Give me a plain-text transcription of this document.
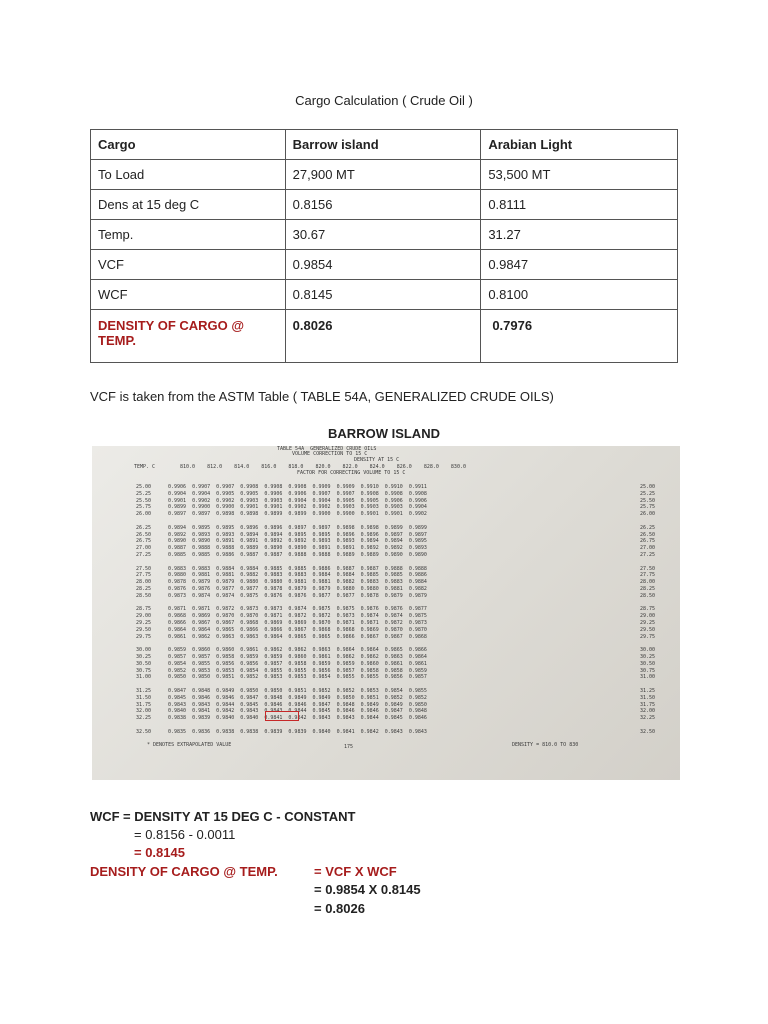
Cargo Calculation ( Crude Oil )
Cargo	Barrow island	Arabian Light
To Load	27,900 MT	53,500 MT
Dens at 15 deg C	0.8156	0.8111
Temp.	30.67	31.27
VCF	0.9854	0.9847
WCF	0.8145	0.8100
DENSITY OF CARGO @ TEMP.	0.8026	0.7976
VCF is taken from the ASTM Table ( TABLE 54A, GENERALIZED CRUDE OILS)
BARROW ISLAND
TABLE 54A  GENERALIZED CRUDE OILS
VOLUME CORRECTION TO 15 C
DENSITY AT 15 C
FACTOR FOR CORRECTING VOLUME TO 15 C
TEMP. C	810.0    812.0    814.0    816.0    818.0    820.0    822.0    824.0    826.0    828.0    830.0
25.00	0.9906  0.9907  0.9907  0.9908  0.9908  0.9908  0.9909  0.9909  0.9910  0.9910  0.9911	25.00
25.25	0.9904  0.9904  0.9905  0.9905  0.9906  0.9906  0.9907  0.9907  0.9908  0.9908  0.9908	25.25
25.50	0.9901  0.9902  0.9902  0.9903  0.9903  0.9904  0.9904  0.9905  0.9905  0.9906  0.9906	25.50
25.75	0.9899  0.9900  0.9900  0.9901  0.9901  0.9902  0.9902  0.9903  0.9903  0.9903  0.9904	25.75
26.00	0.9897  0.9897  0.9898  0.9898  0.9899  0.9899  0.9900  0.9900  0.9901  0.9901  0.9902	26.00
26.25	0.9894  0.9895  0.9895  0.9896  0.9896  0.9897  0.9897  0.9898  0.9898  0.9899  0.9899	26.25
26.50	0.9892  0.9893  0.9893  0.9894  0.9894  0.9895  0.9895  0.9896  0.9896  0.9897  0.9897	26.50
26.75	0.9890  0.9890  0.9891  0.9891  0.9892  0.9892  0.9893  0.9893  0.9894  0.9894  0.9895	26.75
27.00	0.9887  0.9888  0.9888  0.9889  0.9890  0.9890  0.9891  0.9891  0.9892  0.9892  0.9893	27.00
27.25	0.9885  0.9885  0.9886  0.9887  0.9887  0.9888  0.9888  0.9889  0.9889  0.9890  0.9890	27.25
27.50	0.9883  0.9883  0.9884  0.9884  0.9885  0.9885  0.9886  0.9887  0.9887  0.9888  0.9888	27.50
27.75	0.9880  0.9881  0.9881  0.9882  0.9883  0.9883  0.9884  0.9884  0.9885  0.9885  0.9886	27.75
28.00	0.9878  0.9879  0.9879  0.9880  0.9880  0.9881  0.9881  0.9882  0.9883  0.9883  0.9884	28.00
28.25	0.9876  0.9876  0.9877  0.9877  0.9878  0.9879  0.9879  0.9880  0.9880  0.9881  0.9882	28.25
28.50	0.9873  0.9874  0.9874  0.9875  0.9876  0.9876  0.9877  0.9877  0.9878  0.9879  0.9879	28.50
28.75	0.9871  0.9871  0.9872  0.9873  0.9873  0.9874  0.9875  0.9875  0.9876  0.9876  0.9877	28.75
29.00	0.9868  0.9869  0.9870  0.9870  0.9871  0.9872  0.9872  0.9873  0.9874  0.9874  0.9875	29.00
29.25	0.9866  0.9867  0.9867  0.9868  0.9869  0.9869  0.9870  0.9871  0.9871  0.9872  0.9873	29.25
29.50	0.9864  0.9864  0.9865  0.9866  0.9866  0.9867  0.9868  0.9868  0.9869  0.9870  0.9870	29.50
29.75	0.9861  0.9862  0.9863  0.9863  0.9864  0.9865  0.9865  0.9866  0.9867  0.9867  0.9868	29.75
30.00	0.9859  0.9860  0.9860  0.9861  0.9862  0.9862  0.9863  0.9864  0.9864  0.9865  0.9866	30.00
30.25	0.9857  0.9857  0.9858  0.9859  0.9859  0.9860  0.9861  0.9862  0.9862  0.9863  0.9864	30.25
30.50	0.9854  0.9855  0.9856  0.9856  0.9857  0.9858  0.9859  0.9859  0.9860  0.9861  0.9861	30.50
30.75	0.9852  0.9853  0.9853  0.9854  0.9855  0.9855  0.9856  0.9857  0.9858  0.9858  0.9859	30.75
31.00	0.9850  0.9850  0.9851  0.9852  0.9853  0.9853  0.9854  0.9855  0.9855  0.9856  0.9857	31.00
31.25	0.9847  0.9848  0.9849  0.9850  0.9850  0.9851  0.9852  0.9852  0.9853  0.9854  0.9855	31.25
31.50	0.9845  0.9846  0.9846  0.9847  0.9848  0.9849  0.9849  0.9850  0.9851  0.9852  0.9852	31.50
31.75	0.9843  0.9843  0.9844  0.9845  0.9846  0.9846  0.9847  0.9848  0.9849  0.9849  0.9850	31.75
32.00	0.9840  0.9841  0.9842  0.9843  0.9843  0.9844  0.9845  0.9846  0.9846  0.9847  0.9848	32.00
32.25	0.9838  0.9839  0.9840  0.9840  0.9841  0.9842  0.9843  0.9843  0.9844  0.9845  0.9846	32.25
32.50	0.9835  0.9836  0.9838  0.9838  0.9839  0.9839  0.9840  0.9841  0.9842  0.9843  0.9843	32.50
* DENOTES EXTRAPOLATED VALUE	175	DENSITY = 810.0 TO 830
WCF = DENSITY AT 15 DEG C - CONSTANT
= 0.8156 - 0.0011
= 0.8145
DENSITY OF CARGO @ TEMP.	= VCF X WCF
= 0.9854 X 0.8145
= 0.8026
